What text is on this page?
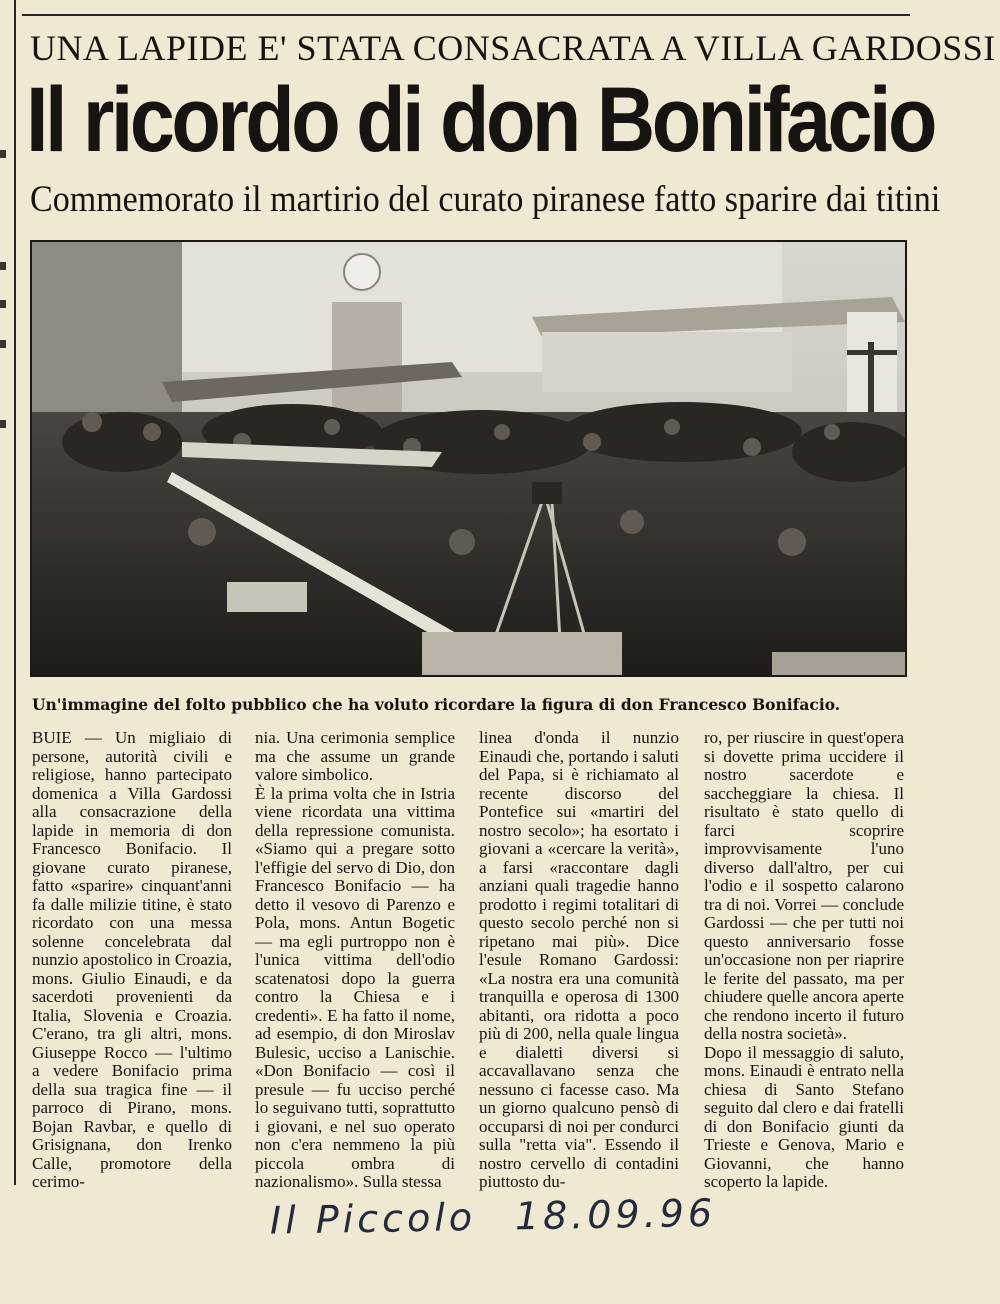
UNA LAPIDE E' STATA CONSACRATA A VILLA GARDOSSI
Il ricordo di don Bonifacio
Commemorato il martirio del curato piranese fatto sparire dai titini
Un'immagine del folto pubblico che ha voluto ricordare la figura di don Francesco Bonifacio.
BUIE — Un migliaio di persone, autorità civili e religiose, hanno partecipato domenica a Villa Gardossi alla consacrazione della lapide in memoria di don Francesco Bonifacio. Il giovane curato piranese, fatto «sparire» cinquant'anni fa dalle milizie titine, è stato ricordato con una messa solenne concelebrata dal nunzio apostolico in Croazia, mons. Giulio Einaudi, e da sacerdoti provenienti da Italia, Slovenia e Croazia. C'erano, tra gli altri, mons. Giuseppe Rocco — l'ultimo a vedere Bonifacio prima della sua tragica fine — il parroco di Pirano, mons. Bojan Ravbar, e quello di Grisignana, don Irenko Calle, promotore della cerimo-
nia. Una cerimonia semplice ma che assume un grande valore simbolico.
È la prima volta che in Istria viene ricordata una vittima della repressione comunista. «Siamo qui a pregare sotto l'effigie del servo di Dio, don Francesco Bonifacio — ha detto il vesovo di Parenzo e Pola, mons. Antun Bogetic — ma egli purtroppo non è l'unica vittima dell'odio scatenatosi dopo la guerra contro la Chiesa e i credenti». E ha fatto il nome, ad esempio, di don Miroslav Bulesic, ucciso a Lanischie. «Don Bonifacio — così il presule — fu ucciso perché lo seguivano tutti, soprattutto i giovani, e nel suo operato non c'era nemmeno la più piccola ombra di nazionalismo». Sulla stessa
linea d'onda il nunzio Einaudi che, portando i saluti del Papa, si è richiamato al recente discorso del Pontefice sui «martiri del nostro secolo»; ha esortato i giovani a «cercare la verità», a farsi «raccontare dagli anziani quali tragedie hanno prodotto i regimi totalitari di questo secolo perché non si ripetano mai più». Dice l'esule Romano Gardossi: «La nostra era una comunità tranquilla e operosa di 1300 abitanti, ora ridotta a poco più di 200, nella quale lingua e dialetti diversi si accavallavano senza che nessuno ci facesse caso. Ma un giorno qualcuno pensò di occuparsi di noi per condurci sulla "retta via". Essendo il nostro cervello di contadini piuttosto du-
ro, per riuscire in quest'opera si dovette prima uccidere il nostro sacerdote e saccheggiare la chiesa. Il risultato è stato quello di farci scoprire improvvisamente l'uno diverso dall'altro, per cui l'odio e il sospetto calarono tra di noi. Vorrei — conclude Gardossi — che per tutti noi questo anniversario fosse un'occasione non per riaprire le ferite del passato, ma per chiudere quelle ancora aperte che rendono incerto il futuro della nostra società».
Dopo il messaggio di saluto, mons. Einaudi è entrato nella chiesa di Santo Stefano seguito dal clero e dai fratelli di don Bonifacio giunti da Trieste e Genova, Mario e Giovanni, che hanno scoperto la lapide.
Il Piccolo 18.09.96
